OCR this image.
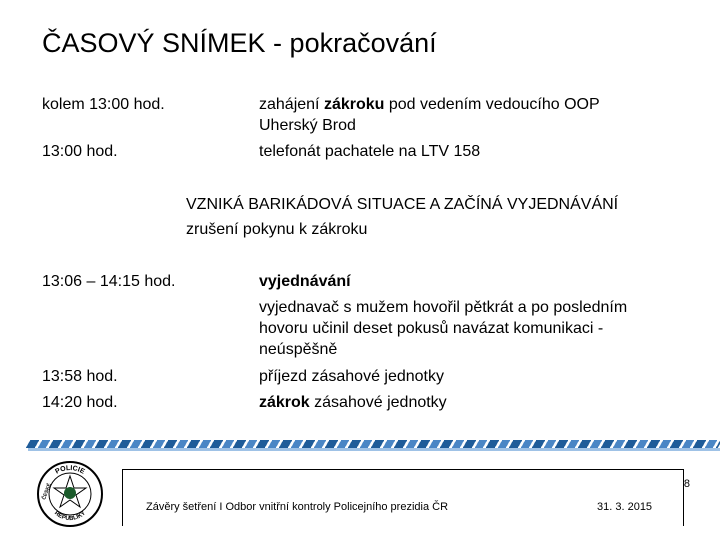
ČASOVÝ SNÍMEK - pokračování
kolem 13:00 hod.	zahájení zákroku pod vedením vedoucího OOP
Uherský Brod
13:00 hod.	telefonát pachatele na LTV 158
VZNIKÁ BARIKÁDOVÁ SITUACE A ZAČÍNÁ VYJEDNÁVÁNÍ
zrušení pokynu k zákroku
13:06 – 14:15 hod.	vyjednávání
vyjednavač s mužem hovořil pětkrát a po posledním
hovoru učinil deset pokusů navázat komunikaci -
neúspěšně
13:58 hod.	příjezd zásahové jednotky
14:20 hod.	zákrok zásahové jednotky
POLICIE
REPUBLIKY
ČESKÉ	8
Závěry šetření I Odbor vnitřní kontroly Policejního prezidia ČR	31. 3. 2015
